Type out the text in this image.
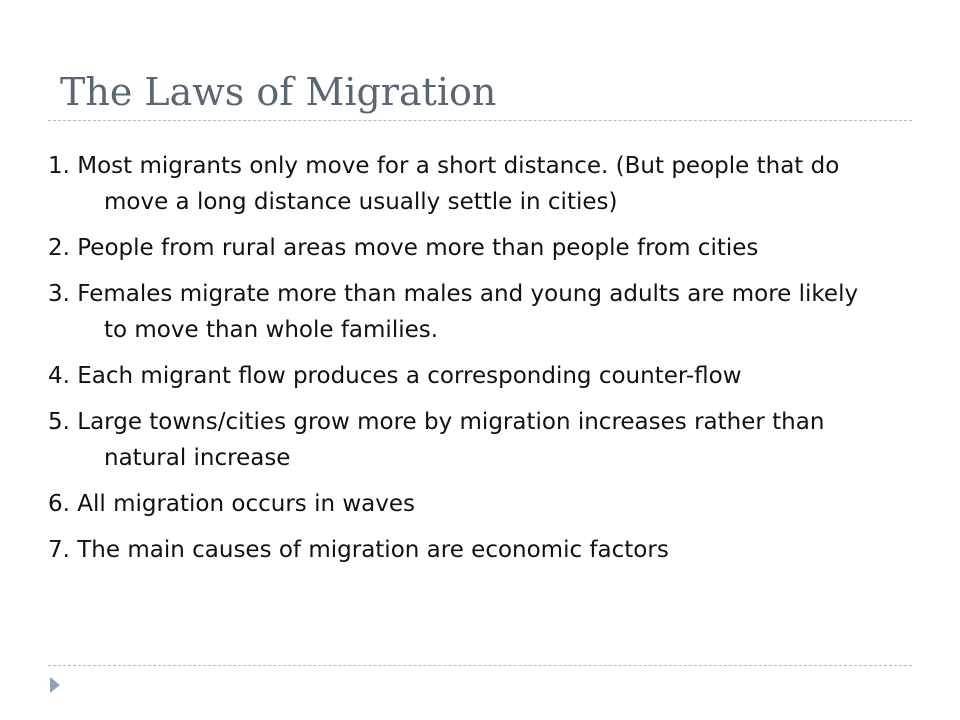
The Laws of Migration
1. Most migrants only move for a short distance. (But people that do move a long distance usually settle in cities)
2. People from rural areas move more than people from cities
3. Females migrate more than males and young adults are more likely to move than whole families.
4. Each migrant flow produces a corresponding counter-flow
5. Large towns/cities grow more by migration increases rather than natural increase
6. All migration occurs in waves
7. The main causes of migration are economic factors
